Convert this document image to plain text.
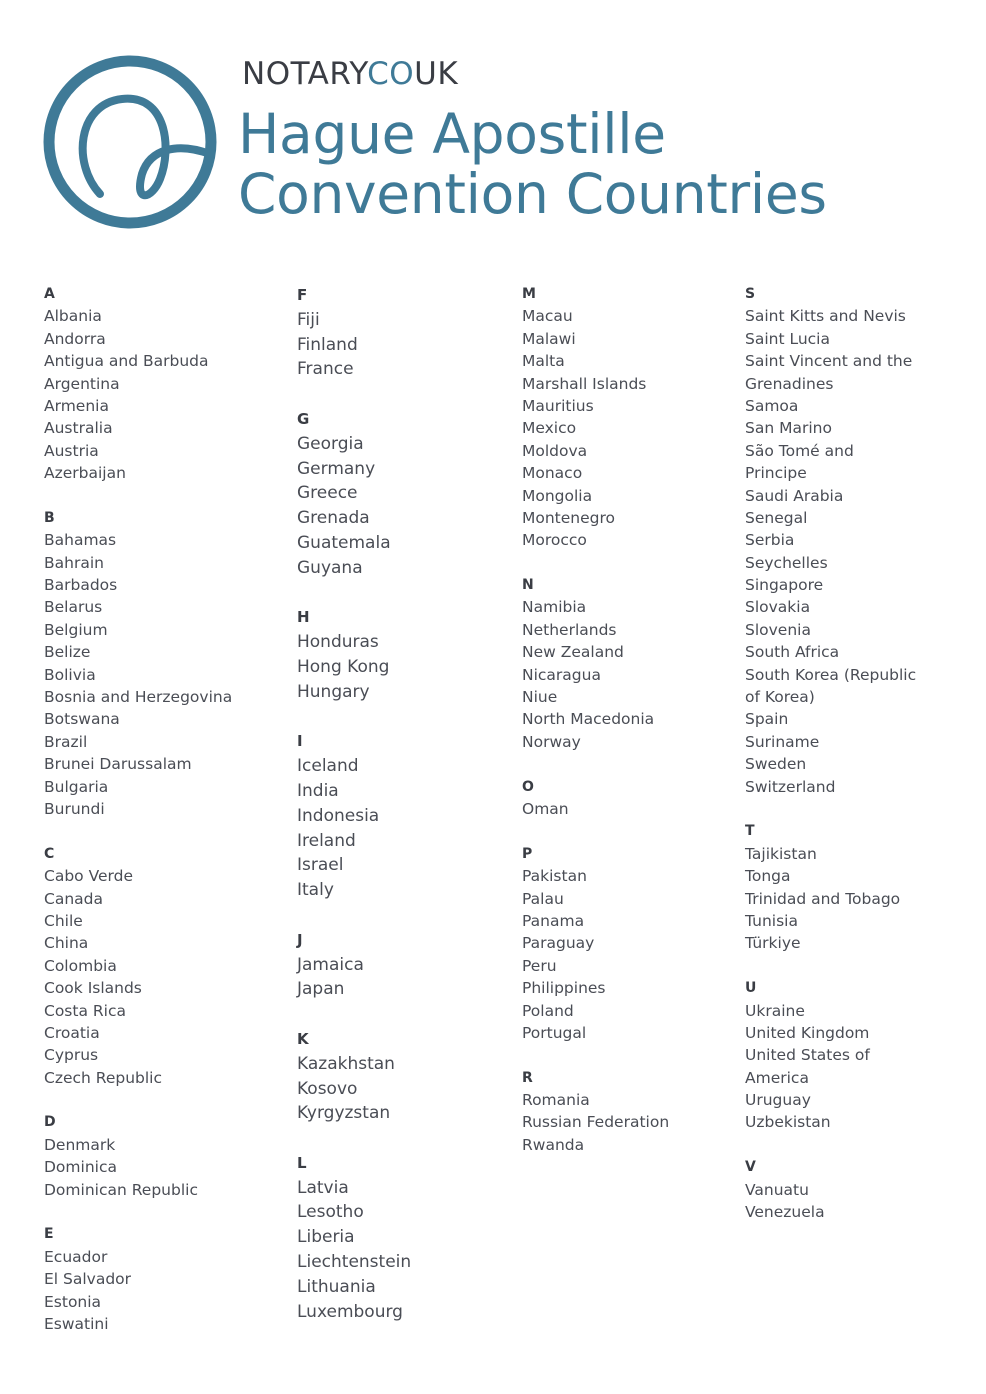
NOTARYCOUK
Hague Apostille
Convention Countries
A
Albania
Andorra
Antigua and Barbuda
Argentina
Armenia
Australia
Austria
Azerbaijan
B
Bahamas
Bahrain
Barbados
Belarus
Belgium
Belize
Bolivia
Bosnia and Herzegovina
Botswana
Brazil
Brunei Darussalam
Bulgaria
Burundi
C
Cabo Verde
Canada
Chile
China
Colombia
Cook Islands
Costa Rica
Croatia
Cyprus
Czech Republic
D
Denmark
Dominica
Dominican Republic
E
Ecuador
El Salvador
Estonia
Eswatini
F
Fiji
Finland
France
G
Georgia
Germany
Greece
Grenada
Guatemala
Guyana
H
Honduras
Hong Kong
Hungary
I
Iceland
India
Indonesia
Ireland
Israel
Italy
J
Jamaica
Japan
K
Kazakhstan
Kosovo
Kyrgyzstan
L
Latvia
Lesotho
Liberia
Liechtenstein
Lithuania
Luxembourg
M
Macau
Malawi
Malta
Marshall Islands
Mauritius
Mexico
Moldova
Monaco
Mongolia
Montenegro
Morocco
N
Namibia
Netherlands
New Zealand
Nicaragua
Niue
North Macedonia
Norway
O
Oman
P
Pakistan
Palau
Panama
Paraguay
Peru
Philippines
Poland
Portugal
R
Romania
Russian Federation
Rwanda
S
Saint Kitts and Nevis
Saint Lucia
Saint Vincent and the
Grenadines
Samoa
San Marino
São Tomé and
Principe
Saudi Arabia
Senegal
Serbia
Seychelles
Singapore
Slovakia
Slovenia
South Africa
South Korea (Republic
of Korea)
Spain
Suriname
Sweden
Switzerland
T
Tajikistan
Tonga
Trinidad and Tobago
Tunisia
Türkiye
U
Ukraine
United Kingdom
United States of
America
Uruguay
Uzbekistan
V
Vanuatu
Venezuela
